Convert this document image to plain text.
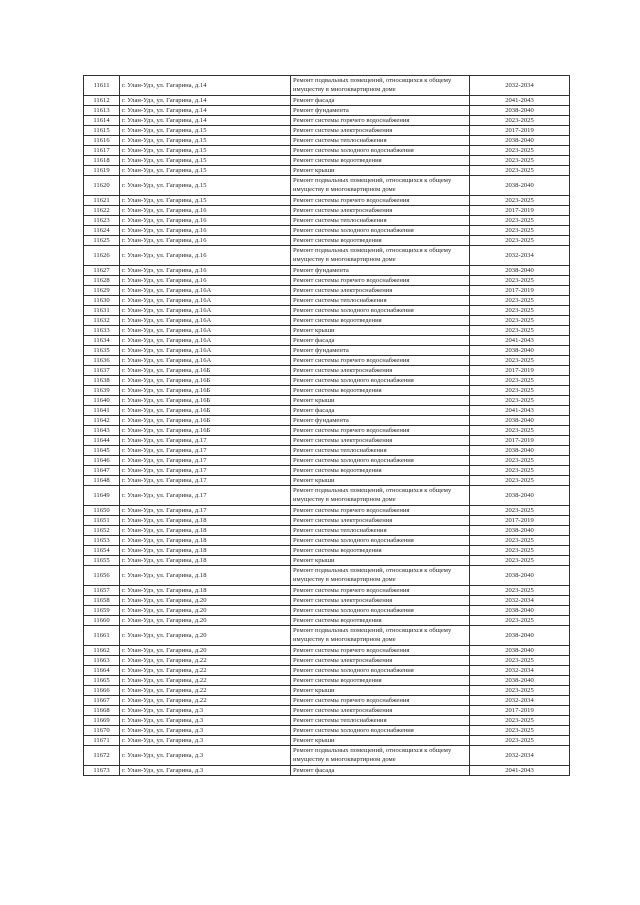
11611	г. Улан-Удэ, ул. Гагарина, д.14	Ремонт подвальных помещений, относящихся к общему имуществу в многоквартирном доме	2032-2034
11612	г. Улан-Удэ, ул. Гагарина, д.14	Ремонт фасада	2041-2043
11613	г. Улан-Удэ, ул. Гагарина, д.14	Ремонт фундамента	2038-2040
11614	г. Улан-Удэ, ул. Гагарина, д.14	Ремонт системы горячего водоснабжения	2023-2025
11615	г. Улан-Удэ, ул. Гагарина, д.15	Ремонт системы электроснабжения	2017-2019
11616	г. Улан-Удэ, ул. Гагарина, д.15	Ремонт системы теплоснабжения	2038-2040
11617	г. Улан-Удэ, ул. Гагарина, д.15	Ремонт системы холодного водоснабжения	2023-2025
11618	г. Улан-Удэ, ул. Гагарина, д.15	Ремонт системы водоотведения	2023-2025
11619	г. Улан-Удэ, ул. Гагарина, д.15	Ремонт крыши	2023-2025
11620	г. Улан-Удэ, ул. Гагарина, д.15	Ремонт подвальных помещений, относящихся к общему имуществу в многоквартирном доме	2038-2040
11621	г. Улан-Удэ, ул. Гагарина, д.15	Ремонт системы горячего водоснабжения	2023-2025
11622	г. Улан-Удэ, ул. Гагарина, д.16	Ремонт системы электроснабжения	2017-2019
11623	г. Улан-Удэ, ул. Гагарина, д.16	Ремонт системы теплоснабжения	2023-2025
11624	г. Улан-Удэ, ул. Гагарина, д.16	Ремонт системы холодного водоснабжения	2023-2025
11625	г. Улан-Удэ, ул. Гагарина, д.16	Ремонт системы водоотведения	2023-2025
11626	г. Улан-Удэ, ул. Гагарина, д.16	Ремонт подвальных помещений, относящихся к общему имуществу в многоквартирном доме	2032-2034
11627	г. Улан-Удэ, ул. Гагарина, д.16	Ремонт фундамента	2038-2040
11628	г. Улан-Удэ, ул. Гагарина, д.16	Ремонт системы горячего водоснабжения	2023-2025
11629	г. Улан-Удэ, ул. Гагарина, д.16А	Ремонт системы электроснабжения	2017-2019
11630	г. Улан-Удэ, ул. Гагарина, д.16А	Ремонт системы теплоснабжения	2023-2025
11631	г. Улан-Удэ, ул. Гагарина, д.16А	Ремонт системы холодного водоснабжения	2023-2025
11632	г. Улан-Удэ, ул. Гагарина, д.16А	Ремонт системы водоотведения	2023-2025
11633	г. Улан-Удэ, ул. Гагарина, д.16А	Ремонт крыши	2023-2025
11634	г. Улан-Удэ, ул. Гагарина, д.16А	Ремонт фасада	2041-2043
11635	г. Улан-Удэ, ул. Гагарина, д.16А	Ремонт фундамента	2038-2040
11636	г. Улан-Удэ, ул. Гагарина, д.16А	Ремонт системы горячего водоснабжения	2023-2025
11637	г. Улан-Удэ, ул. Гагарина, д.16Б	Ремонт системы электроснабжения	2017-2019
11638	г. Улан-Удэ, ул. Гагарина, д.16Б	Ремонт системы холодного водоснабжения	2023-2025
11639	г. Улан-Удэ, ул. Гагарина, д.16Б	Ремонт системы водоотведения	2023-2025
11640	г. Улан-Удэ, ул. Гагарина, д.16Б	Ремонт крыши	2023-2025
11641	г. Улан-Удэ, ул. Гагарина, д.16Б	Ремонт фасада	2041-2043
11642	г. Улан-Удэ, ул. Гагарина, д.16Б	Ремонт фундамента	2038-2040
11643	г. Улан-Удэ, ул. Гагарина, д.16Б	Ремонт системы горячего водоснабжения	2023-2025
11644	г. Улан-Удэ, ул. Гагарина, д.17	Ремонт системы электроснабжения	2017-2019
11645	г. Улан-Удэ, ул. Гагарина, д.17	Ремонт системы теплоснабжения	2038-2040
11646	г. Улан-Удэ, ул. Гагарина, д.17	Ремонт системы холодного водоснабжения	2023-2025
11647	г. Улан-Удэ, ул. Гагарина, д.17	Ремонт системы водоотведения	2023-2025
11648	г. Улан-Удэ, ул. Гагарина, д.17	Ремонт крыши	2023-2025
11649	г. Улан-Удэ, ул. Гагарина, д.17	Ремонт подвальных помещений, относящихся к общему имуществу в многоквартирном доме	2038-2040
11650	г. Улан-Удэ, ул. Гагарина, д.17	Ремонт системы горячего водоснабжения	2023-2025
11651	г. Улан-Удэ, ул. Гагарина, д.18	Ремонт системы электроснабжения	2017-2019
11652	г. Улан-Удэ, ул. Гагарина, д.18	Ремонт системы теплоснабжения	2038-2040
11653	г. Улан-Удэ, ул. Гагарина, д.18	Ремонт системы холодного водоснабжения	2023-2025
11654	г. Улан-Удэ, ул. Гагарина, д.18	Ремонт системы водоотведения	2023-2025
11655	г. Улан-Удэ, ул. Гагарина, д.18	Ремонт крыши	2023-2025
11656	г. Улан-Удэ, ул. Гагарина, д.18	Ремонт подвальных помещений, относящихся к общему имуществу в многоквартирном доме	2038-2040
11657	г. Улан-Удэ, ул. Гагарина, д.18	Ремонт системы горячего водоснабжения	2023-2025
11658	г. Улан-Удэ, ул. Гагарина, д.20	Ремонт системы электроснабжения	2032-2034
11659	г. Улан-Удэ, ул. Гагарина, д.20	Ремонт системы холодного водоснабжения	2038-2040
11660	г. Улан-Удэ, ул. Гагарина, д.20	Ремонт системы водоотведения	2023-2025
11661	г. Улан-Удэ, ул. Гагарина, д.20	Ремонт подвальных помещений, относящихся к общему имуществу в многоквартирном доме	2038-2040
11662	г. Улан-Удэ, ул. Гагарина, д.20	Ремонт системы горячего водоснабжения	2038-2040
11663	г. Улан-Удэ, ул. Гагарина, д.22	Ремонт системы электроснабжения	2023-2025
11664	г. Улан-Удэ, ул. Гагарина, д.22	Ремонт системы холодного водоснабжения	2032-2034
11665	г. Улан-Удэ, ул. Гагарина, д.22	Ремонт системы водоотведения	2038-2040
11666	г. Улан-Удэ, ул. Гагарина, д.22	Ремонт крыши	2023-2025
11667	г. Улан-Удэ, ул. Гагарина, д.22	Ремонт системы горячего водоснабжения	2032-2034
11668	г. Улан-Удэ, ул. Гагарина, д.3	Ремонт системы электроснабжения	2017-2019
11669	г. Улан-Удэ, ул. Гагарина, д.3	Ремонт системы теплоснабжения	2023-2025
11670	г. Улан-Удэ, ул. Гагарина, д.3	Ремонт системы холодного водоснабжения	2023-2025
11671	г. Улан-Удэ, ул. Гагарина, д.3	Ремонт крыши	2023-2025
11672	г. Улан-Удэ, ул. Гагарина, д.3	Ремонт подвальных помещений, относящихся к общему имуществу в многоквартирном доме	2032-2034
11673	г. Улан-Удэ, ул. Гагарина, д.3	Ремонт фасада	2041-2043
